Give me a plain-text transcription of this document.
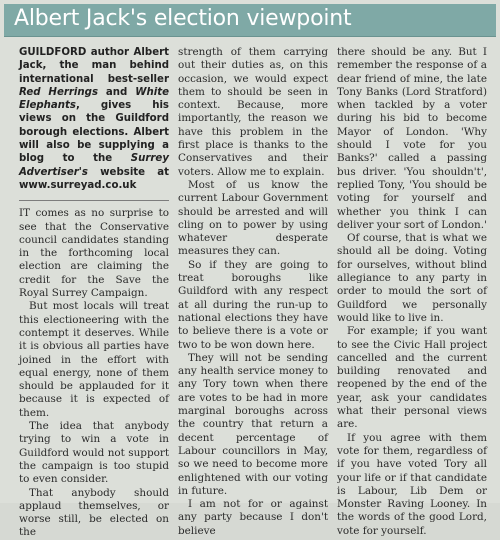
Albert Jack's election viewpoint
GUILDFORD author Albert Jack, the man behind international best-seller Red Herrings and White Elephants, gives his views on the Guildford borough elections. Albert will also be supplying a blog to the Surrey Advertiser's website at www.surreyad.co.uk

IT comes as no surprise to see that the Conservative council candidates standing in the forthcoming local election are claiming the credit for the Save the Royal Surrey Campaign.

But most locals will treat this electioneering with the contempt it deserves. While it is obvious all parties have joined in the effort with equal energy, none of them should be applauded for it because it is expected of them.

The idea that anybody trying to win a vote in Guildford would not support the campaign is too stupid to even consider.

That anybody should applaud themselves, or worse still, be elected on the

strength of them carrying out their duties as, on this occasion, we would expect them to should be seen in context. Because, more importantly, the reason we have this problem in the first place is thanks to the Conservatives and their voters. Allow me to explain.

Most of us know the current Labour Government should be arrested and will cling on to power by using whatever desperate measures they can.

So if they are going to treat boroughs like Guildford with any respect at all during the run-up to national elections they have to believe there is a vote or two to be won down here.

They will not be sending any health service money to any Tory town when there are votes to be had in more marginal boroughs across the country that return a decent percentage of Labour councillors in May, so we need to become more enlightened with our voting in future.

I am not for or against any party because I don't believe

there should be any. But I remember the response of a dear friend of mine, the late Tony Banks (Lord Stratford) when tackled by a voter during his bid to become Mayor of London. 'Why should I vote for you Banks?' called a passing bus driver. 'You shouldn't', replied Tony, 'You should be voting for yourself and whether you think I can deliver your sort of London.'

Of course, that is what we should all be doing. Voting for ourselves, without blind allegiance to any party in order to mould the sort of Guildford we personally would like to live in.

For example; if you want to see the Civic Hall project cancelled and the current building renovated and reopened by the end of the year, ask your candidates what their personal views are.

If you agree with them vote for them, regardless of if you have voted Tory all your life or if that candidate is Labour, Lib Dem or Monster Raving Looney. In the words of the good Lord, vote for yourself.
